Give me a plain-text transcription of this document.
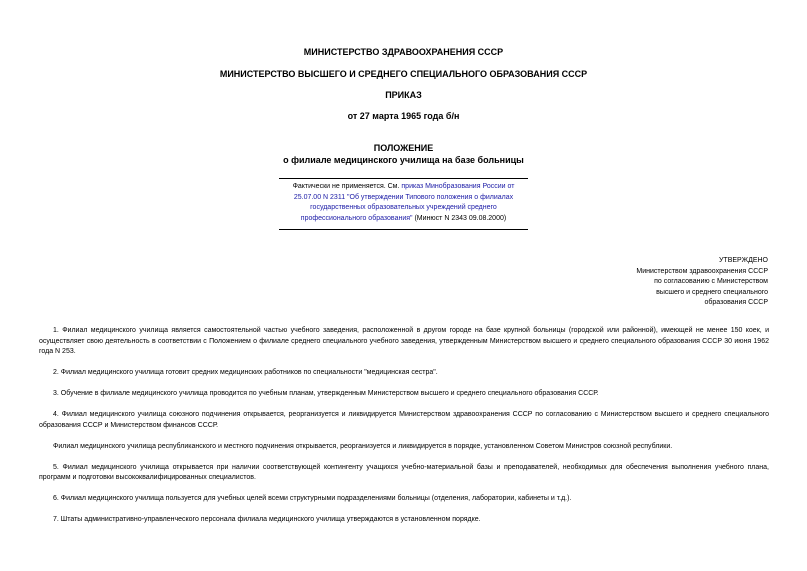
МИНИСТЕРСТВО ЗДРАВООХРАНЕНИЯ СССР
МИНИСТЕРСТВО ВЫСШЕГО И СРЕДНЕГО СПЕЦИАЛЬНОГО ОБРАЗОВАНИЯ СССР
ПРИКАЗ
от 27 марта 1965 года б/н
ПОЛОЖЕНИЕ
о филиале медицинского училища на базе больницы
Фактически не применяется. См. приказ Минобразования России от 25.07.00 N 2311 "Об утверждении Типового положения о филиалах государственных образовательных учреждений среднего профессионального образования" (Минюст N 2343 09.08.2000)
УТВЕРЖДЕНО
Министерством здравоохранения СССР
по согласованию с Министерством
высшего и среднего специального
образования СССР

1. Филиал медицинского училища является самостоятельной частью учебного заведения, расположенной в другом городе на базе крупной больницы (городской или районной), имеющей не менее 150 коек, и осуществляет свою деятельность в соответствии с Положением о филиале среднего специального учебного заведения, утвержденным Министерством высшего и среднего специального образования СССР 30 июня 1962 года N 253.

2. Филиал медицинского училища готовит средних медицинских работников по специальности "медицинская сестра".

3. Обучение в филиале медицинского училища проводится по учебным планам, утвержденным Министерством высшего и среднего специального образования СССР.

4. Филиал медицинского училища союзного подчинения открывается, реорганизуется и ликвидируется Министерством здравоохранения СССР по согласованию с Министерством высшего и среднего специального образования СССР и Министерством финансов СССР.

Филиал медицинского училища республиканского и местного подчинения открывается, реорганизуется и ликвидируется в порядке, установленном Советом Министров союзной республики.

5. Филиал медицинского училища открывается при наличии соответствующей контингенту учащихся учебно-материальной базы и преподавателей, необходимых для обеспечения выполнения учебного плана, программ и подготовки высококвалифицированных специалистов.

6. Филиал медицинского училища пользуется для учебных целей всеми структурными подразделениями больницы (отделения, лаборатории, кабинеты и т.д.).

7. Штаты административно-управленческого персонала филиала медицинского училища утверждаются в установленном порядке.
